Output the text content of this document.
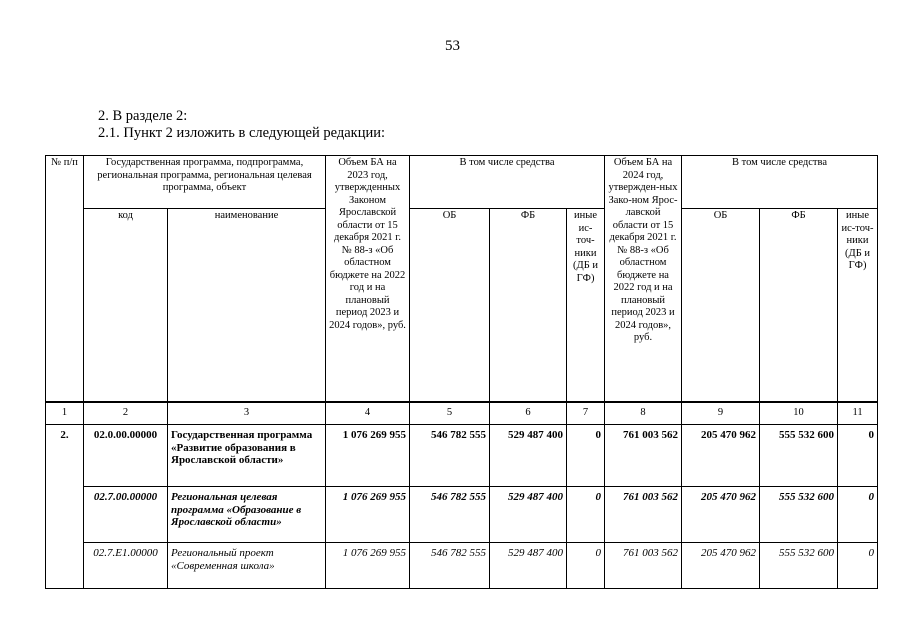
53
2. В разделе 2:
2.1. Пункт 2 изложить в следующей редакции:
№ п/п	Государственная программа, подпрограмма, региональная программа, региональная целевая программа, объект		Объем БА на 2023 год, утвержденных Законом Ярославской области от 15 декабря 2021 г. № 88-з «Об областном бюджете на 2022 год и на плановый период 2023 и 2024 годов», руб.	В том числе средства			Объем БА на 2024 год, утвержден-ных Зако-ном Ярос-лавской области от 15 декабря 2021 г. № 88-з «Об областном бюджете на 2022 год и на плановый период 2023 и 2024 годов», руб.	В том числе средства		
	код	наименование		ОБ	ФБ	иные ис-точ-ники (ДБ и ГФ)		ОБ	ФБ	иные ис-точ-ники (ДБ и ГФ)
1	2	3	4	5	6	7	8	9	10	11
2.	02.0.00.00000	Государственная программа «Развитие образования в Ярославской области»	1 076 269 955	546 782 555	529 487 400	0	761 003 562	205 470 962	555 532 600	0
	02.7.00.00000	Региональная целевая программа «Образование в Ярославской области»	1 076 269 955	546 782 555	529 487 400	0	761 003 562	205 470 962	555 532 600	0
	02.7.E1.00000	Региональный проект «Современная школа»	1 076 269 955	546 782 555	529 487 400	0	761 003 562	205 470 962	555 532 600	0
